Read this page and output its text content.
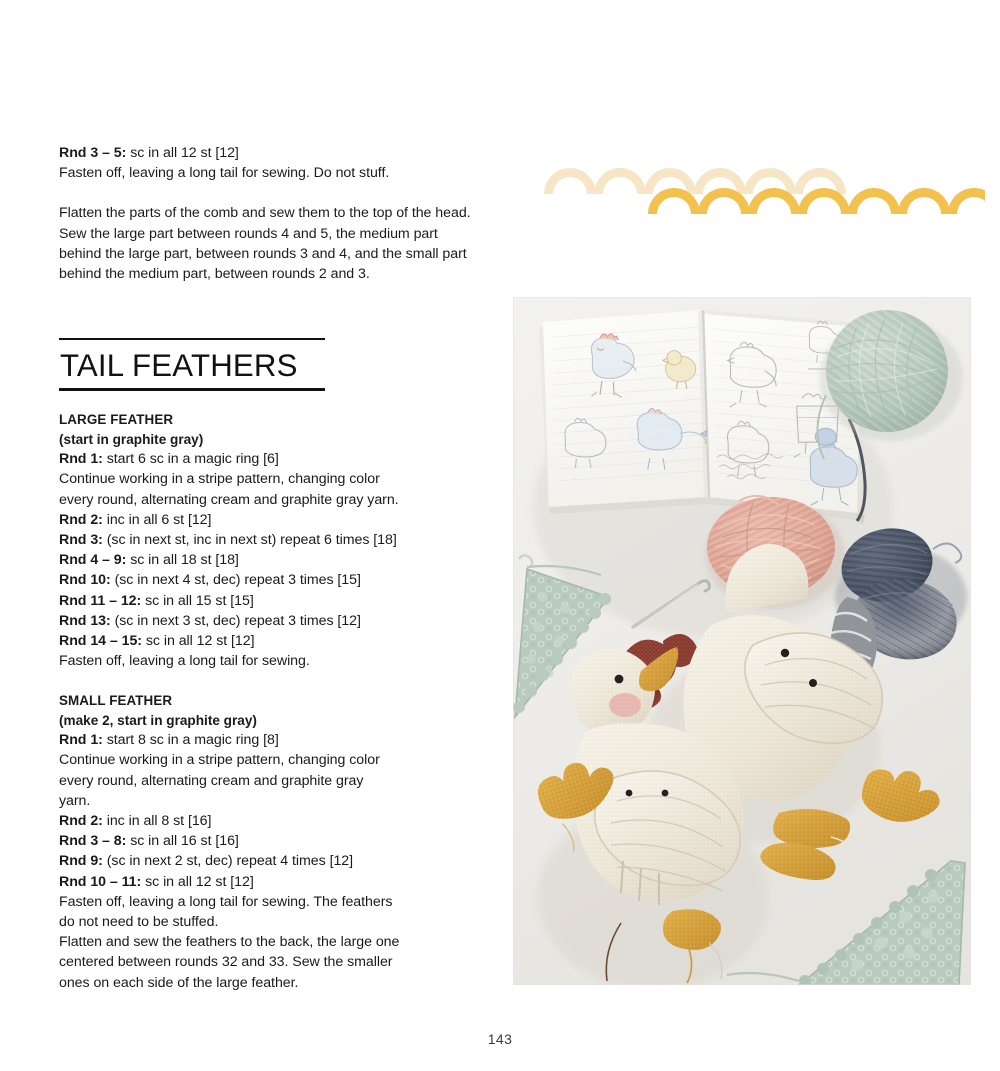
Rnd 3 – 5: sc in all 12 st [12]

Fasten off, leaving a long tail for sewing. Do not stuff.

Flatten the parts of the comb and sew them to the top of the head. Sew the large part between rounds 4 and 5, the medium part behind the large part, between rounds 3 and 4, and the small part behind the medium part, between rounds 2 and 3.

TAIL FEATHERS

LARGE FEATHER

(start in graphite gray)

Rnd 1: start 6 sc in a magic ring [6]

Continue working in a stripe pattern, changing color

every round, alternating cream and graphite gray yarn.

Rnd 2: inc in all 6 st [12]

Rnd 3: (sc in next st, inc in next st) repeat 6 times [18]

Rnd 4 – 9: sc in all 18 st [18]

Rnd 10: (sc in next 4 st, dec) repeat 3 times [15]

Rnd 11 – 12: sc in all 15 st [15]

Rnd 13: (sc in next 3 st, dec) repeat 3 times [12]

Rnd 14 – 15: sc in all 12 st [12]

Fasten off, leaving a long tail for sewing.

SMALL FEATHER

(make 2, start in graphite gray)

Rnd 1: start 8 sc in a magic ring [8]

Continue working in a stripe pattern, changing color

every round, alternating cream and graphite gray

yarn.

Rnd 2: inc in all 8 st [16]

Rnd 3 – 8: sc in all 16 st [16]

Rnd 9: (sc in next 2 st, dec) repeat 4 times [12]

Rnd 10 – 11: sc in all 12 st [12]

Fasten off, leaving a long tail for sewing. The feathers

do not need to be stuffed.

Flatten and sew the feathers to the back, the large one

centered between rounds 32 and 33. Sew the smaller

ones on each side of the large feather.

143
